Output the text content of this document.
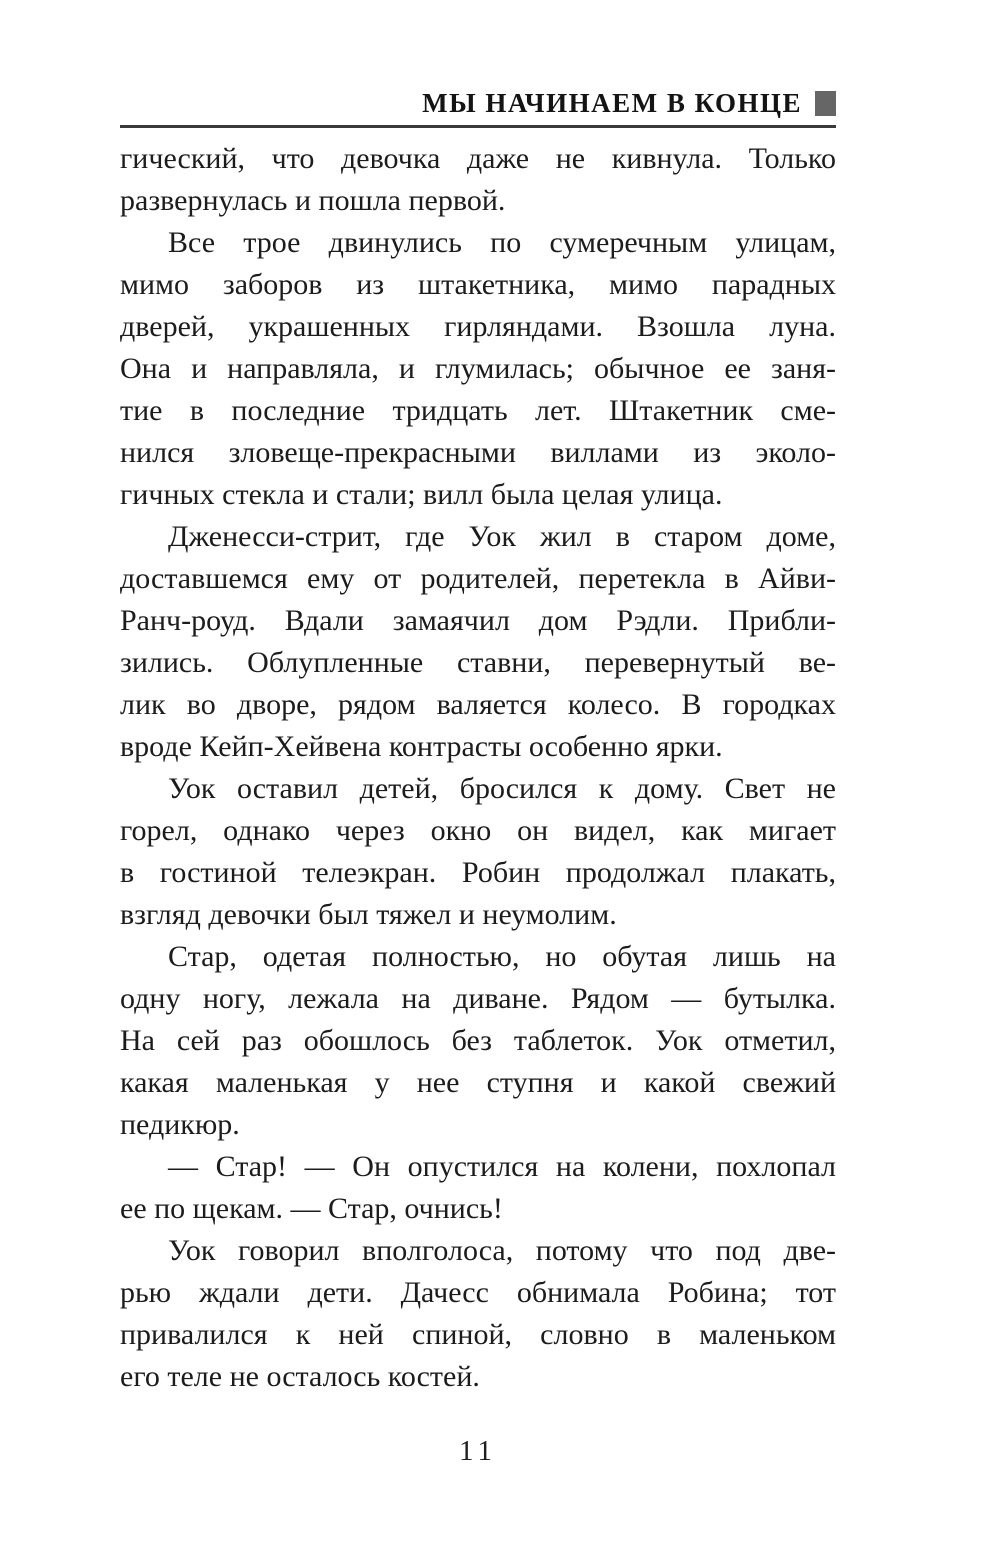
МЫ НАЧИНАЕМ В КОНЦЕ
гический, что девочка даже не кивнула. Только
развернулась и пошла первой.
Все трое двинулись по сумеречным улицам,
мимо заборов из штакетника, мимо парадных
дверей, украшенных гирляндами. Взошла луна.
Она и направляла, и глумилась; обычное ее заня-
тие в последние тридцать лет. Штакетник сме-
нился зловеще-прекрасными виллами из эколо-
гичных стекла и стали; вилл была целая улица.
Дженесси-стрит, где Уок жил в старом доме,
доставшемся ему от родителей, перетекла в Айви-
Ранч-роуд. Вдали замаячил дом Рэдли. Прибли-
зились. Облупленные ставни, перевернутый ве-
лик во дворе, рядом валяется колесо. В городках
вроде Кейп-Хейвена контрасты особенно ярки.
Уок оставил детей, бросился к дому. Свет не
горел, однако через окно он видел, как мигает
в гостиной телеэкран. Робин продолжал плакать,
взгляд девочки был тяжел и неумолим.
Стар, одетая полностью, но обутая лишь на
одну ногу, лежала на диване. Рядом — бутылка.
На сей раз обошлось без таблеток. Уок отметил,
какая маленькая у нее ступня и какой свежий
педикюр.
— Стар! — Он опустился на колени, похлопал
ее по щекам. — Стар, очнись!
Уок говорил вполголоса, потому что под две-
рью ждали дети. Дачесс обнимала Робина; тот
привалился к ней спиной, словно в маленьком
его теле не осталось костей.
11
